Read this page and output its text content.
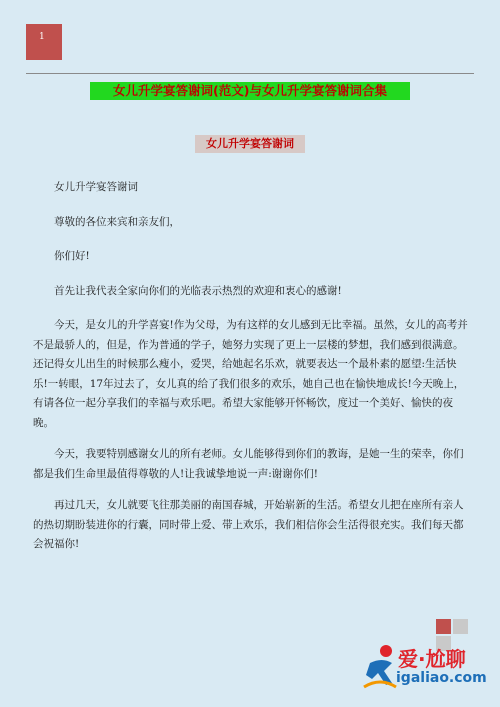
1
女儿升学宴答谢词(范文)与女儿升学宴答谢词合集
女儿升学宴答谢词

女儿升学宴答谢词

尊敬的各位来宾和亲友们，

你们好!

首先让我代表全家向你们的光临表示热烈的欢迎和衷心的感谢!

今天，是女儿的升学喜宴!作为父母，为有这样的女儿感到无比幸福。虽然，女儿的高考并不是最骄人的，但是，作为普通的学子，她努力实现了更上一层楼的梦想，我们感到很满意。还记得女儿出生的时候那么瘦小，爱哭，给她起名乐欢，就要表达一个最朴素的愿望:生活快乐!一转眼，17年过去了，女儿真的给了我们很多的欢乐，她自己也在愉快地成长!今天晚上，有请各位一起分享我们的幸福与欢乐吧。希望大家能够开怀畅饮，度过一个美好、愉快的夜晚。

今天，我要特别感谢女儿的所有老师。女儿能够得到你们的教诲，是她一生的荣幸，你们都是我们生命里最值得尊敬的人!让我诚挚地说一声:谢谢你们!

再过几天，女儿就要飞往那美丽的南国春城，开始崭新的生活。希望女儿把在座所有亲人的热切期盼装进你的行囊，同时带上爱、带上欢乐，我们相信你会生活得很充实。我们每天都会祝福你!

爱·尬聊
igaliao.com
